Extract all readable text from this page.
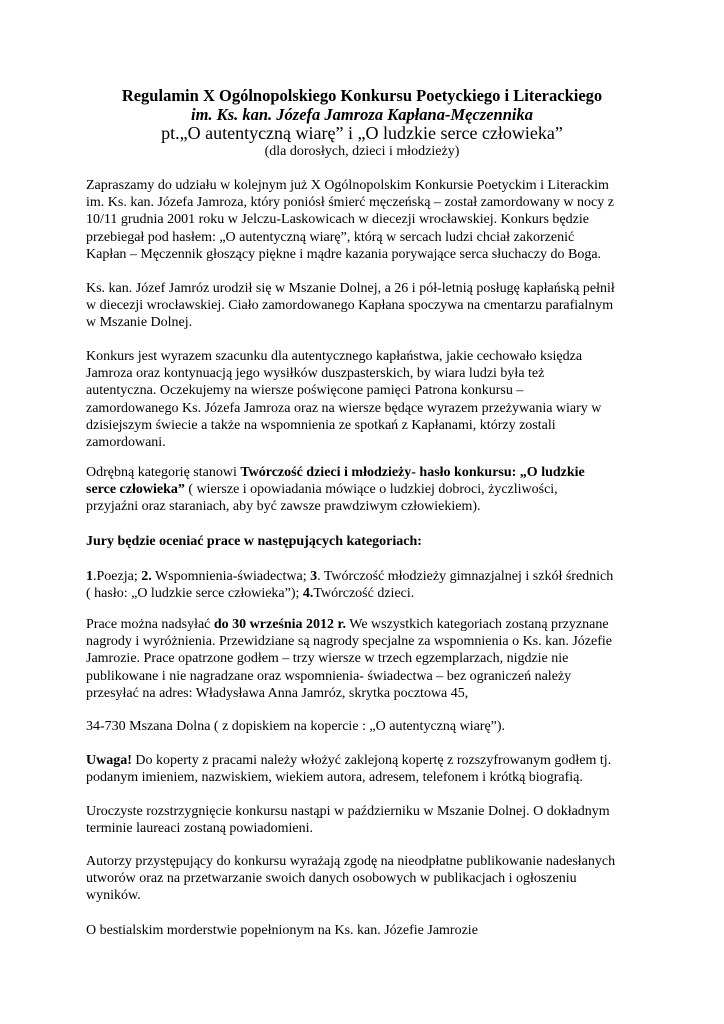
Regulamin X Ogólnopolskiego Konkursu Poetyckiego i Literackiego
im. Ks. kan. Józefa Jamroza Kapłana-Męczennika
pt.„O autentyczną wiarę” i „O ludzkie serce człowieka”
(dla dorosłych, dzieci i młodzieży)
Zapraszamy do udziału w kolejnym już X Ogólnopolskim Konkursie Poetyckim i Literackim
im. Ks. kan. Józefa Jamroza, który poniósł śmierć męczeńską – został zamordowany w nocy z
10/11 grudnia 2001 roku w Jelczu-Laskowicach w diecezji wrocławskiej. Konkurs będzie
przebiegał pod hasłem: „O autentyczną wiarę”, którą w sercach ludzi chciał zakorzenić
Kapłan – Męczennik głoszący piękne i mądre kazania porywające serca słuchaczy do Boga.
Ks. kan. Józef Jamróz urodził się w Mszanie Dolnej, a 26 i pół-letnią posługę kapłańską pełnił
w diecezji wrocławskiej. Ciało zamordowanego Kapłana spoczywa na cmentarzu parafialnym
w Mszanie Dolnej.
Konkurs jest wyrazem szacunku dla autentycznego kapłaństwa, jakie cechowało księdza
Jamroza oraz kontynuacją jego wysiłków duszpasterskich, by wiara ludzi była też
autentyczna. Oczekujemy na wiersze poświęcone pamięci Patrona konkursu –
zamordowanego Ks. Józefa Jamroza oraz na wiersze będące wyrazem przeżywania wiary w
dzisiejszym świecie a także na wspomnienia ze spotkań z Kapłanami, którzy zostali
zamordowani.
Odrębną kategorię stanowi Twórczość dzieci i młodzieży- hasło konkursu: „O ludzkie
serce człowieka” ( wiersze i opowiadania mówiące o ludzkiej dobroci, życzliwości,
przyjaźni oraz staraniach, aby być zawsze prawdziwym człowiekiem).
Jury będzie oceniać prace w następujących kategoriach:
1.Poezja; 2. Wspomnienia-świadectwa; 3. Twórczość młodzieży gimnazjalnej i szkół średnich
( hasło: „O ludzkie serce człowieka”); 4.Twórczość dzieci.
Prace można nadsyłać do 30 września 2012 r. We wszystkich kategoriach zostaną przyznane
nagrody i wyróżnienia. Przewidziane są nagrody specjalne za wspomnienia o Ks. kan. Józefie
Jamrozie. Prace opatrzone godłem – trzy wiersze w trzech egzemplarzach, nigdzie nie
publikowane i nie nagradzane oraz wspomnienia- świadectwa – bez ograniczeń należy
przesyłać na adres: Władysława Anna Jamróz, skrytka pocztowa 45,
34-730 Mszana Dolna ( z dopiskiem na kopercie : „O autentyczną wiarę”).
Uwaga! Do koperty z pracami należy włożyć zaklejoną kopertę z rozszyfrowanym godłem tj.
podanym imieniem, nazwiskiem, wiekiem autora, adresem, telefonem i krótką biografią.
Uroczyste rozstrzygnięcie konkursu nastąpi w październiku w Mszanie Dolnej. O dokładnym
terminie laureaci zostaną powiadomieni.
Autorzy przystępujący do konkursu wyrażają zgodę na nieodpłatne publikowanie nadesłanych
utworów oraz na przetwarzanie swoich danych osobowych w publikacjach i ogłoszeniu
wyników.
O bestialskim morderstwie popełnionym na Ks. kan. Józefie Jamrozie
